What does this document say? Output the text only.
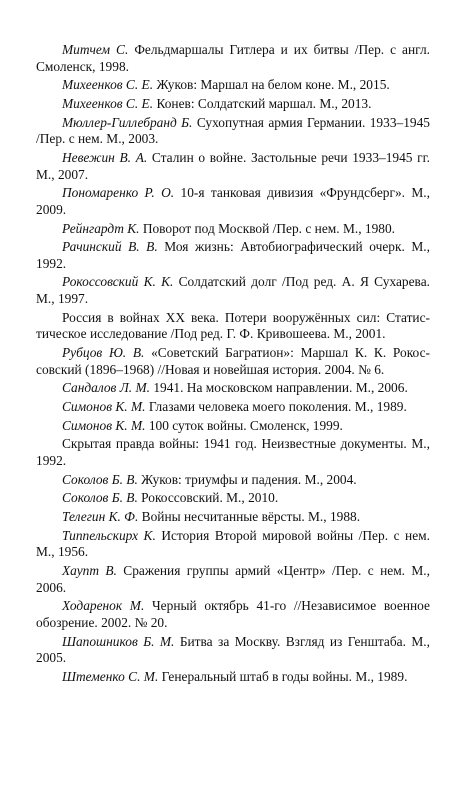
Митчем С. Фельдмаршалы Гитлера и их битвы /Пер. с англ. Смоленск, 1998.
Михеенков С. Е. Жуков: Маршал на белом коне. М., 2015.
Михеенков С. Е. Конев: Солдатский маршал. М., 2013.
Мюллер-Гиллебранд Б. Сухопутная армия Германии. 1933–1945 /Пер. с нем. М., 2003.
Невежин В. А. Сталин о войне. Застольные речи 1933–1945 гг. М., 2007.
Пономаренко Р. О. 10-я танковая дивизия «Фрундсберг». М., 2009.
Рейнгардт К. Поворот под Москвой /Пер. с нем. М., 1980.
Рачинский В. В. Моя жизнь: Автобиографический очерк. М., 1992.
Рокоссовский К. К. Солдатский долг /Под ред. А. Я Сухарева. М., 1997.
Россия в войнах XX века. Потери вооружённых сил: Статистическое исследование /Под ред. Г. Ф. Кривошеева. М., 2001.
Рубцов Ю. В. «Советский Багратион»: Маршал К. К. Рокоссовский (1896–1968) //Новая и новейшая история. 2004. № 6.
Сандалов Л. М. 1941. На московском направлении. М., 2006.
Симонов К. М. Глазами человека моего поколения. М., 1989.
Симонов К. М. 100 суток войны. Смоленск, 1999.
Скрытая правда войны: 1941 год. Неизвестные документы. М., 1992.
Соколов Б. В. Жуков: триумфы и падения. М., 2004.
Соколов Б. В. Рокоссовский. М., 2010.
Телегин К. Ф. Войны несчитанные вёрсты. М., 1988.
Типпельскирх К. История Второй мировой войны /Пер. с нем. М., 1956.
Хаупт В. Сражения группы армий «Центр» /Пер. с нем. М., 2006.
Ходаренок М. Черный октябрь 41-го //Независимое военное обозрение. 2002. № 20.
Шапошников Б. М. Битва за Москву. Взгляд из Генштаба. М., 2005.
Штеменко С. М. Генеральный штаб в годы войны. М., 1989.
